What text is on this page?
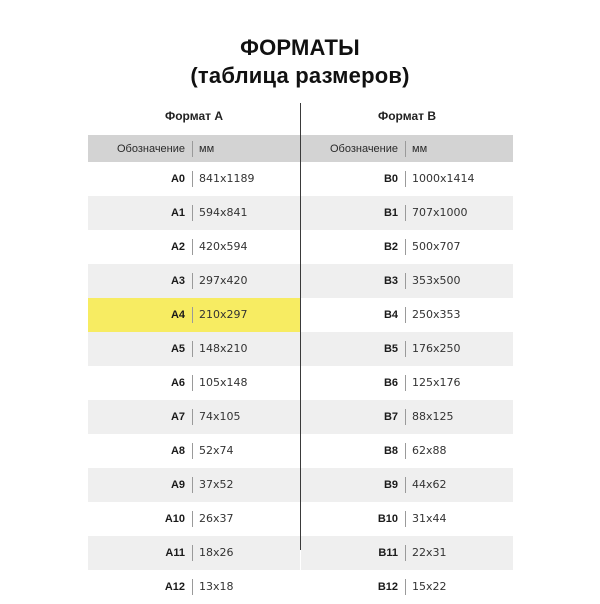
ФОРМАТЫ
(таблица размеров)
Формат А
Обозначение	мм
А0	841x1189
А1	594x841
А2	420x594
А3	297x420
А4	210x297
А5	148x210
А6	105x148
А7	74x105
А8	52x74
А9	37x52
А10	26x37
А11	18x26
А12	13x18
Формат В
Обозначение	мм
В0	1000x1414
В1	707x1000
В2	500x707
В3	353x500
В4	250x353
В5	176x250
В6	125x176
В7	88x125
В8	62x88
В9	44x62
В10	31x44
В11	22x31
В12	15x22
